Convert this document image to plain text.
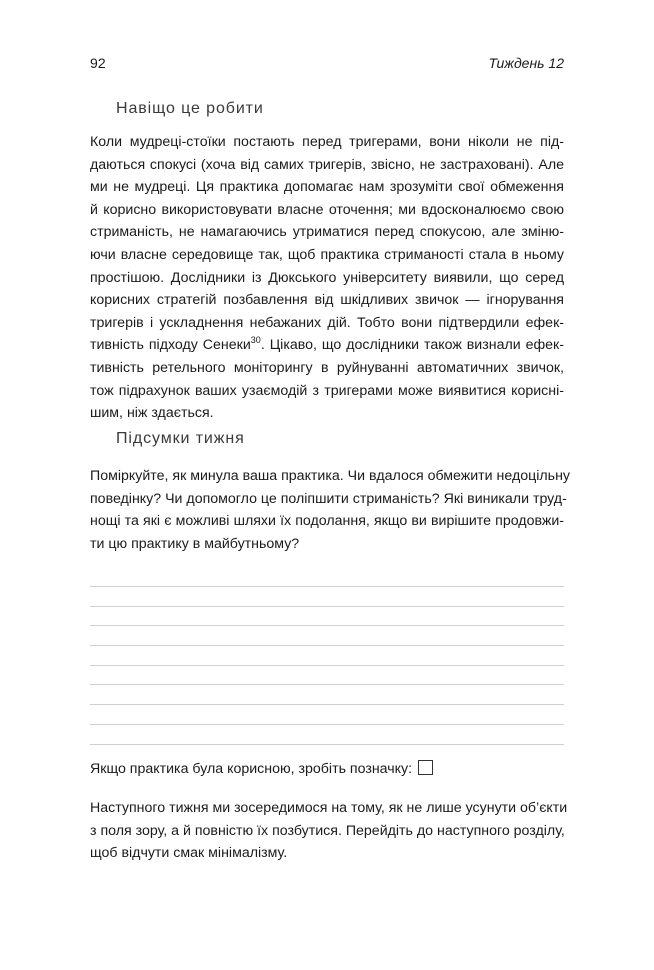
92	Тиждень 12
Навіщо це робити
Коли мудреці-стоїки постають перед тригерами, вони ніколи не під-
даються спокусі (хоча від самих тригерів, звісно, не застраховані). Але
ми не мудреці. Ця практика допомагає нам зрозуміти свої обмеження
й корисно використовувати власне оточення; ми вдосконалюємо свою
стриманість, не намагаючись утриматися перед спокусою, але зміню-
ючи власне середовище так, щоб практика стриманості стала в ньому
простішою. Дослідники із Дюкського університету виявили, що серед
корисних стратегій позбавлення від шкідливих звичок — ігнорування
тригерів і ускладнення небажаних дій. Тобто вони підтвердили ефек-
тивність підходу Сенеки$^{30}$. Цікаво, що дослідники також визнали ефек-
тивність ретельного моніторингу в руйнуванні автоматичних звичок,
тож підрахунок ваших узаємодій з тригерами може виявитися корисні-
шим, ніж здається.
Підсумки тижня
Поміркуйте, як минула ваша практика. Чи вдалося обмежити недоцільну
поведінку? Чи допомогло це поліпшити стриманість? Які виникали труд-
нощі та які є можливі шляхи їх подолання, якщо ви вирішите продовжи-
ти цю практику в майбутньому?
Якщо практика була корисною, зробіть позначку:
Наступного тижня ми зосередимося на тому, як не лише усунути об’єкти
з поля зору, а й повністю їх позбутися. Перейдіть до наступного розділу,
щоб відчути смак мінімалізму.
